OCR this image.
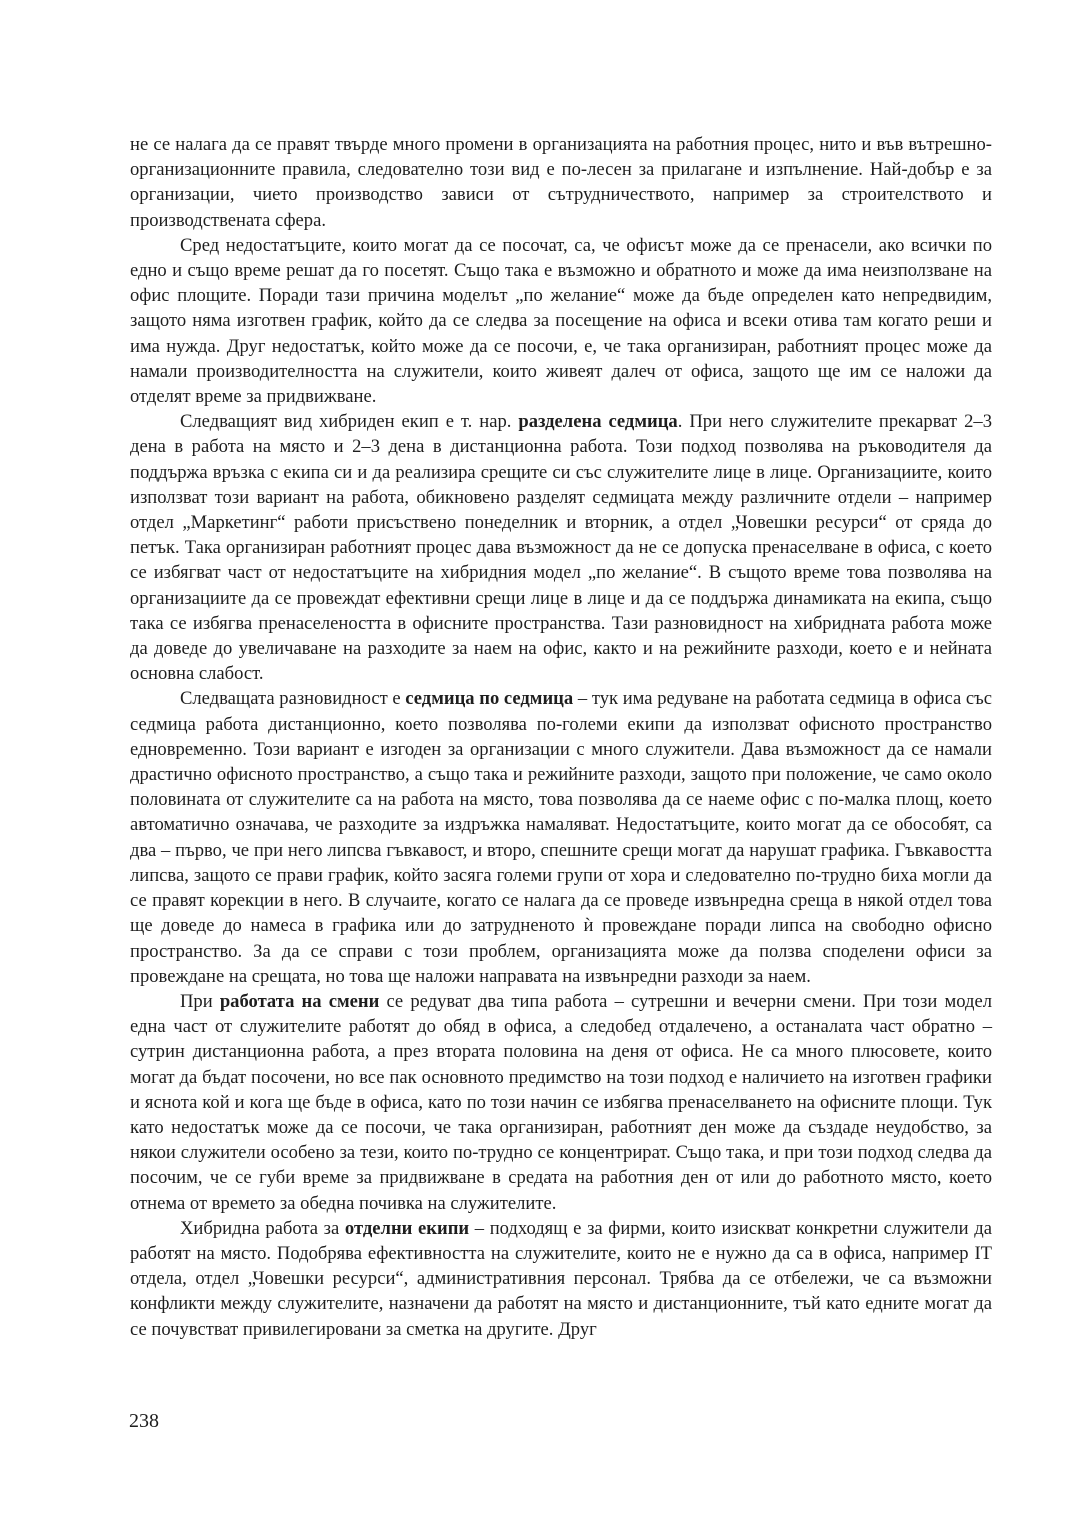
не се налага да се правят твърде много промени в организацията на работния процес, нито и във вътрешно-организационните правила, следователно този вид е по-лесен за прилагане и изпълнение. Най-добър е за организации, чието производство зависи от сътрудничеството, например за строителството и производствената сфера.

Сред недостатъците, които могат да се посочат, са, че офисът може да се пренасели, ако всички по едно и също време решат да го посетят. Също така е възможно и обратното и може да има неизползване на офис площите. Поради тази причина моделът „по желание“ може да бъде определен като непредвидим, защото няма изготвен график, който да се следва за посещение на офиса и всеки отива там когато реши и има нужда. Друг недостатък, който може да се посочи, е, че така организиран, работният процес може да намали производителността на служители, които живеят далеч от офиса, защото ще им се наложи да отделят време за придвижване.

Следващият вид хибриден екип е т. нар. разделена седмица. При него служителите прекарват 2–3 дена в работа на място и 2–3 дена в дистанционна работа. Този подход позволява на ръководителя да поддържа връзка с екипа си и да реализира срещите си със служителите лице в лице. Организациите, които използват този вариант на работа, обикновено разделят седмицата между различните отдели – например отдел „Маркетинг“ работи присъствено понеделник и вторник, а отдел „Човешки ресурси“ от сряда до петък. Така организиран работният процес дава възможност да не се допуска пренаселване в офиса, с което се избягват част от недостатъците на хибридния модел „по желание“. В същото време това позволява на организациите да се провеждат ефективни срещи лице в лице и да се поддържа динамиката на екипа, също така се избягва пренаселеността в офисните пространства. Тази разновидност на хибридната работа може да доведе до увеличаване на разходите за наем на офис, както и на режийните разходи, което е и нейната основна слабост.

Следващата разновидност е седмица по седмица – тук има редуване на работата седмица в офиса със седмица работа дистанционно, което позволява по-големи екипи да използват офисното пространство едновременно. Този вариант е изгоден за организации с много служители. Дава възможност да се намали драстично офисното пространство, а също така и режийните разходи, защото при положение, че само около половината от служителите са на работа на място, това позволява да се наеме офис с по-малка площ, което автоматично означава, че разходите за издръжка намаляват. Недостатъците, които могат да се обособят, са два – първо, че при него липсва гъвкавост, и второ, спешните срещи могат да нарушат графика. Гъвкавостта липсва, защото се прави график, който засяга големи групи от хора и следователно по-трудно биха могли да се правят корекции в него. В случаите, когато се налага да се проведе извънредна среща в някой отдел това ще доведе до намеса в графика или до затрудненото ѝ провеждане поради липса на свободно офисно пространство. За да се справи с този проблем, организацията може да ползва споделени офиси за провеждане на срещата, но това ще наложи направата на извънредни разходи за наем.

При работата на смени се редуват два типа работа – сутрешни и вечерни смени. При този модел една част от служителите работят до обяд в офиса, а следобед отдалечено, а останалата част обратно – сутрин дистанционна работа, а през втората половина на деня от офиса. Не са много плюсовете, които могат да бъдат посочени, но все пак основното предимство на този подход е наличието на изготвен графики и яснота кой и кога ще бъде в офиса, като по този начин се избягва пренаселването на офисните площи. Тук като недостатък може да се посочи, че така организиран, работният ден може да създаде неудобство, за някои служители особено за тези, които по-трудно се концентрират. Също така, и при този подход следва да посочим, че се губи време за придвижване в средата на работния ден от или до работното място, което отнема от времето за обедна почивка на служителите.

Хибридна работа за отделни екипи – подходящ е за фирми, които изискват конкретни служители да работят на място. Подобрява ефективността на служителите, които не е нужно да са в офиса, например IT отдела, отдел „Човешки ресурси“, административния персонал. Трябва да се отбележи, че са възможни конфликти между служителите, назначени да работят на място и дистанционните, тъй като едните могат да се почувстват привилегировани за сметка на другите. Друг

238
